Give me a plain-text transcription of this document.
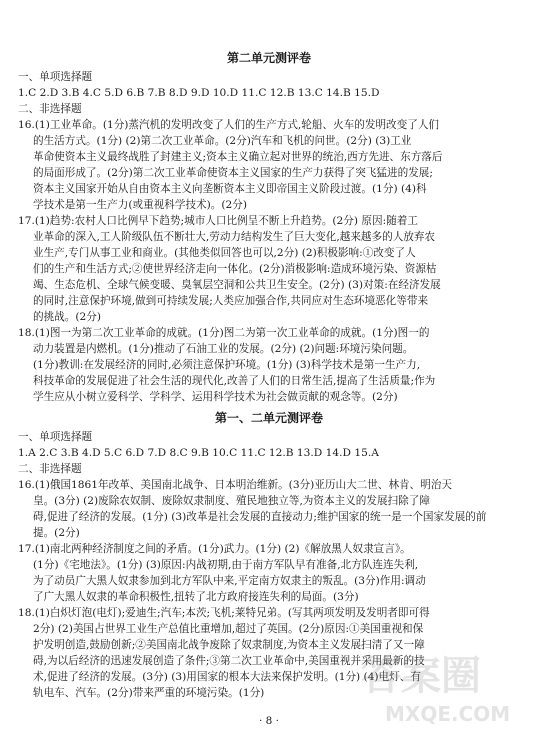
第二单元测评卷
一、单项选择题
1.C 2.D 3.B 4.C 5.D 6.B 7.B 8.D 9.D 10.D 11.C 12.B 13.C 14.B 15.D
二、非选择题
16.(1)工业革命。(1分)蒸汽机的发明改变了人们的生产方式,轮船、火车的发明改变了人们
的生活方式。(1分) (2)第二次工业革命。(2分)汽车和飞机的问世。(2分) (3)工业
革命使资本主义最终战胜了封建主义;资本主义确立起对世界的统治,西方先进、东方落后
的局面形成了。(2分)第二次工业革命使资本主义国家的生产力获得了突飞猛进的发展;
资本主义国家开始从自由资本主义向垄断资本主义即帝国主义阶段过渡。(1分) (4)科
学技术是第一生产力(或重视科学技术)。(2分)
17.(1)趋势:农村人口比例早下趋势;城市人口比例呈不断上升趋势。(2分) 原因:随着工
业革命的深入,工人阶级队伍不断壮大,劳动力结构发生了巨大变化,越来越多的人放弃农
业生产,专门从事工业和商业。(其他类似回答也可以,2分) (2)积极影响:①改变了人
们的生产和生活方式;②使世界经济走向一体化。(2分)消极影响:造成环境污染、资源枯
竭、生态危机、全球气候变暖、臭氧层空洞和公共卫生安全。(2分) (3)对策:在经济发展
的同时,注意保护环境,做到可持续发展;人类应加强合作,共同应对生态环境恶化等带来
的挑战。(2分)
18.(1)图一为第二次工业革命的成就。(1分)图二为第一次工业革命的成就。(1分)图一的
动力装置是内燃机。(1分)推动了石油工业的发展。(2分) (2)问题:环境污染问题。
(1分)教训:在发展经济的同时,必须注意保护环境。(1分) (3)科学技术是第一生产力,
科技革命的发展促进了社会生活的现代化,改善了人们的日常生活,提高了生活质量;作为
学生应从小树立爱科学、学科学、运用科学技术为社会做贡献的观念等。(2分)
第一、二单元测评卷
一、单项选择题
1.A 2.C 3.B 4.D 5.C 6.D 7.D 8.C 9.B 10.C 11.C 12.B 13.D 14.D 15.A
二、非选择题
16.(1)俄国1861年改革、美国南北战争、日本明治维新。(3分)亚历山大二世、林肯、明治天
皇。(3分) (2)废除农奴制、废除奴隶制度、殖民地独立等,为资本主义的发展扫除了障
碍,促进了经济的发展。(1分) (3)改革是社会发展的直接动力;维护国家的统一是一个国家发展的前
提。(2分)
17.(1)南北两种经济制度之间的矛盾。(1分)武力。(1分) (2)《解放黑人奴隶宣言》。
(1分)《宅地法》。(1分) (3)原因:内战初期,由于南方军队早有准备,北方队连连失利,
为了动员广大黑人奴隶参加到北方军队中来,平定南方奴隶主的叛乱。(3分)作用:调动
了广大黑人奴隶的革命积极性,扭转了北方政府接连失利的局面。(3分)
18.(1)白炽灯泡(电灯);爱迪生;汽车;本茨;飞机;莱特兄弟。(写其两项发明及发明者即可得
2分) (2)美国占世界工业生产总值比重增加,超过了英国。(2分)原因:①美国重视和保
护发明创造,鼓励创新;②美国南北战争废除了奴隶制度,为资本主义发展扫清了又一障
碍,为以后经济的迅速发展创造了条件;③第二次工业革命中,美国重视并采用最新的技
术,促进了经济的发展。(3分) (3)用国家的根本大法来保护发明。(1分) (4)电灯、有
轨电车、汽车。(2分)带来严重的环境污染。(1分)
· 8 ·
答案圈
MXQE.COM
